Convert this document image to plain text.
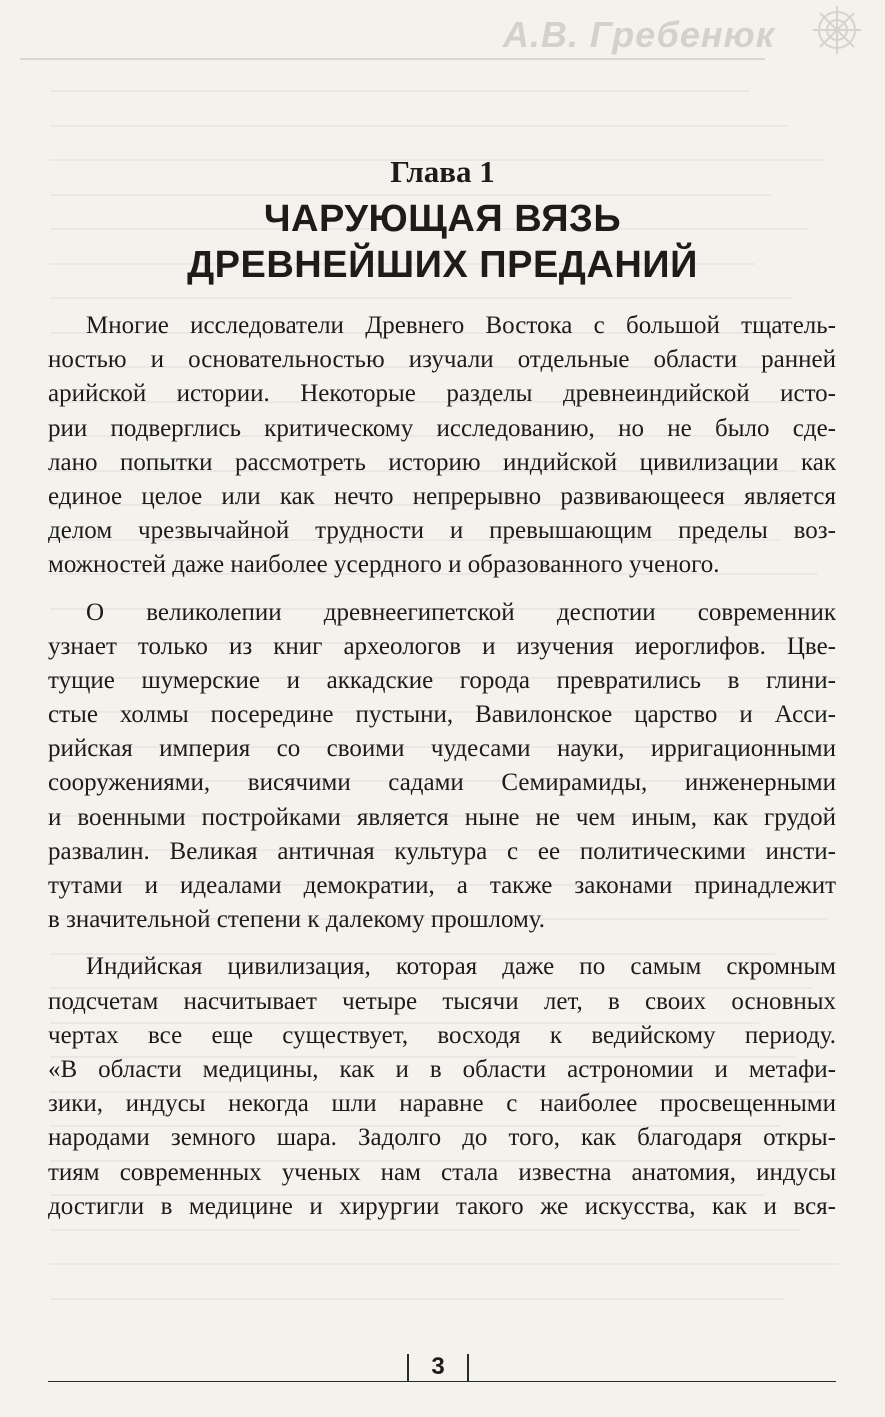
А.В. Гребенюк
Глава 1
ЧАРУЮЩАЯ ВЯЗЬ
ДРЕВНЕЙШИХ ПРЕДАНИЙ

Многие исследователи Древнего Востока с большой тщатель-
ностью и основательностью изучали отдельные области ранней
арийской истории. Некоторые разделы древнеиндийской исто-
рии подверглись критическому исследованию, но не было сде-
лано попытки рассмотреть историю индийской цивилизации как
единое целое или как нечто непрерывно развивающееся является
делом чрезвычайной трудности и превышающим пределы воз-
можностей даже наиболее усердного и образованного ученого.

О великолепии древнеегипетской деспотии современник
узнает только из книг археологов и изучения иероглифов. Цве-
тущие шумерские и аккадские города превратились в глини-
стые холмы посередине пустыни, Вавилонское царство и Асси-
рийская империя со своими чудесами науки, ирригационными
сооружениями, висячими садами Семирамиды, инженерными
и военными постройками является ныне не чем иным, как грудой
развалин. Великая античная культура с ее политическими инсти-
тутами и идеалами демократии, а также законами принадлежит
в значительной степени к далекому прошлому.

Индийская цивилизация, которая даже по самым скромным
подсчетам насчитывает четыре тысячи лет, в своих основных
чертах все еще существует, восходя к ведийскому периоду.
«В области медицины, как и в области астрономии и метафи-
зики, индусы некогда шли наравне с наиболее просвещенными
народами земного шара. Задолго до того, как благодаря откры-
тиям современных ученых нам стала известна анатомия, индусы
достигли в медицине и хирургии такого же искусства, как и вся-

3
